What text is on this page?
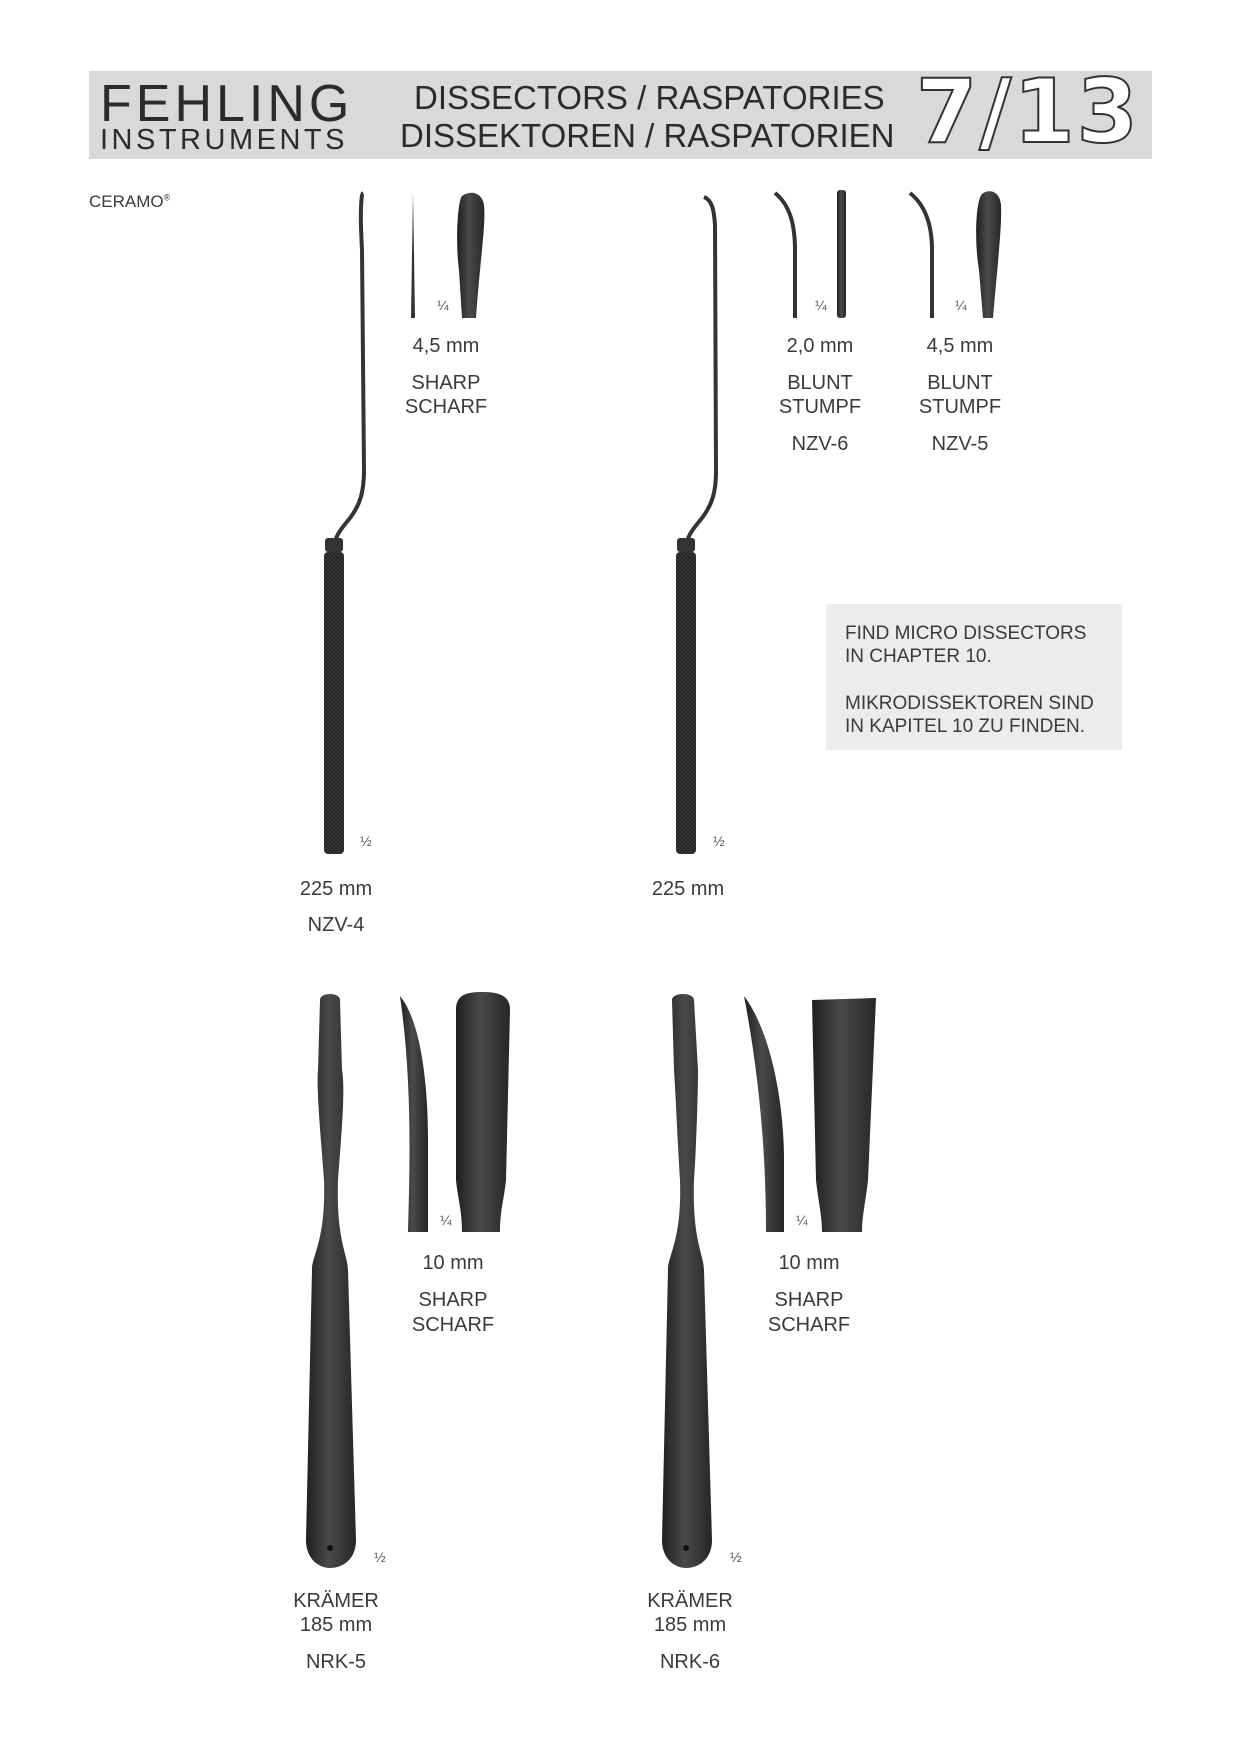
FEHLING
INSTRUMENTS
DISSECTORS / RASPATORIES
DISSEKTOREN / RASPATORIEN 7/13
CERAMO®
¼
4,5 mm
SHARP
SCHARF
½
225 mm
NZV-4
¼
2,0 mm
BLUNT
STUMPF
NZV-6
¼
4,5 mm
BLUNT
STUMPF
NZV-5
½
225 mm
FIND MICRO DISSECTORS
IN CHAPTER 10.
MIKRODISSEKTOREN SIND
IN KAPITEL 10 ZU FINDEN.
¼
10 mm
SHARP
SCHARF
½
KRÄMER
185 mm
NRK-5
¼
10 mm
SHARP
SCHARF
½
KRÄMER
185 mm
NRK-6
